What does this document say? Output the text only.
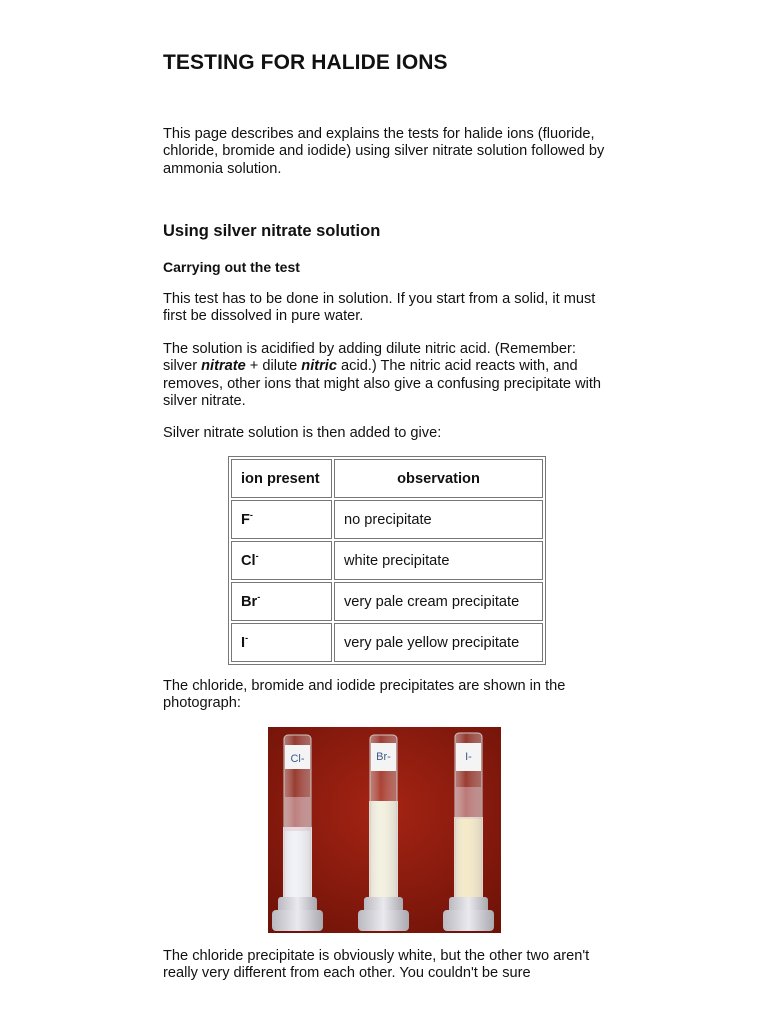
TESTING FOR HALIDE IONS

This page describes and explains the tests for halide ions (fluoride, chloride, bromide and iodide) using silver nitrate solution followed by ammonia solution.

Using silver nitrate solution
Carrying out the test

This test has to be done in solution. If you start from a solid, it must first be dissolved in pure water.

The solution is acidified by adding dilute nitric acid. (Remember: silver nitrate + dilute nitric acid.) The nitric acid reacts with, and removes, other ions that might also give a confusing precipitate with silver nitrate.

Silver nitrate solution is then added to give:

ion present	observation
F-	no precipitate
Cl-	white precipitate
Br-	very pale cream precipitate
I-	very pale yellow precipitate

The chloride, bromide and iodide precipitates are shown in the photograph:

Cl-	Br-	I-

The chloride precipitate is obviously white, but the other two aren't really very different from each other. You couldn't be sure
